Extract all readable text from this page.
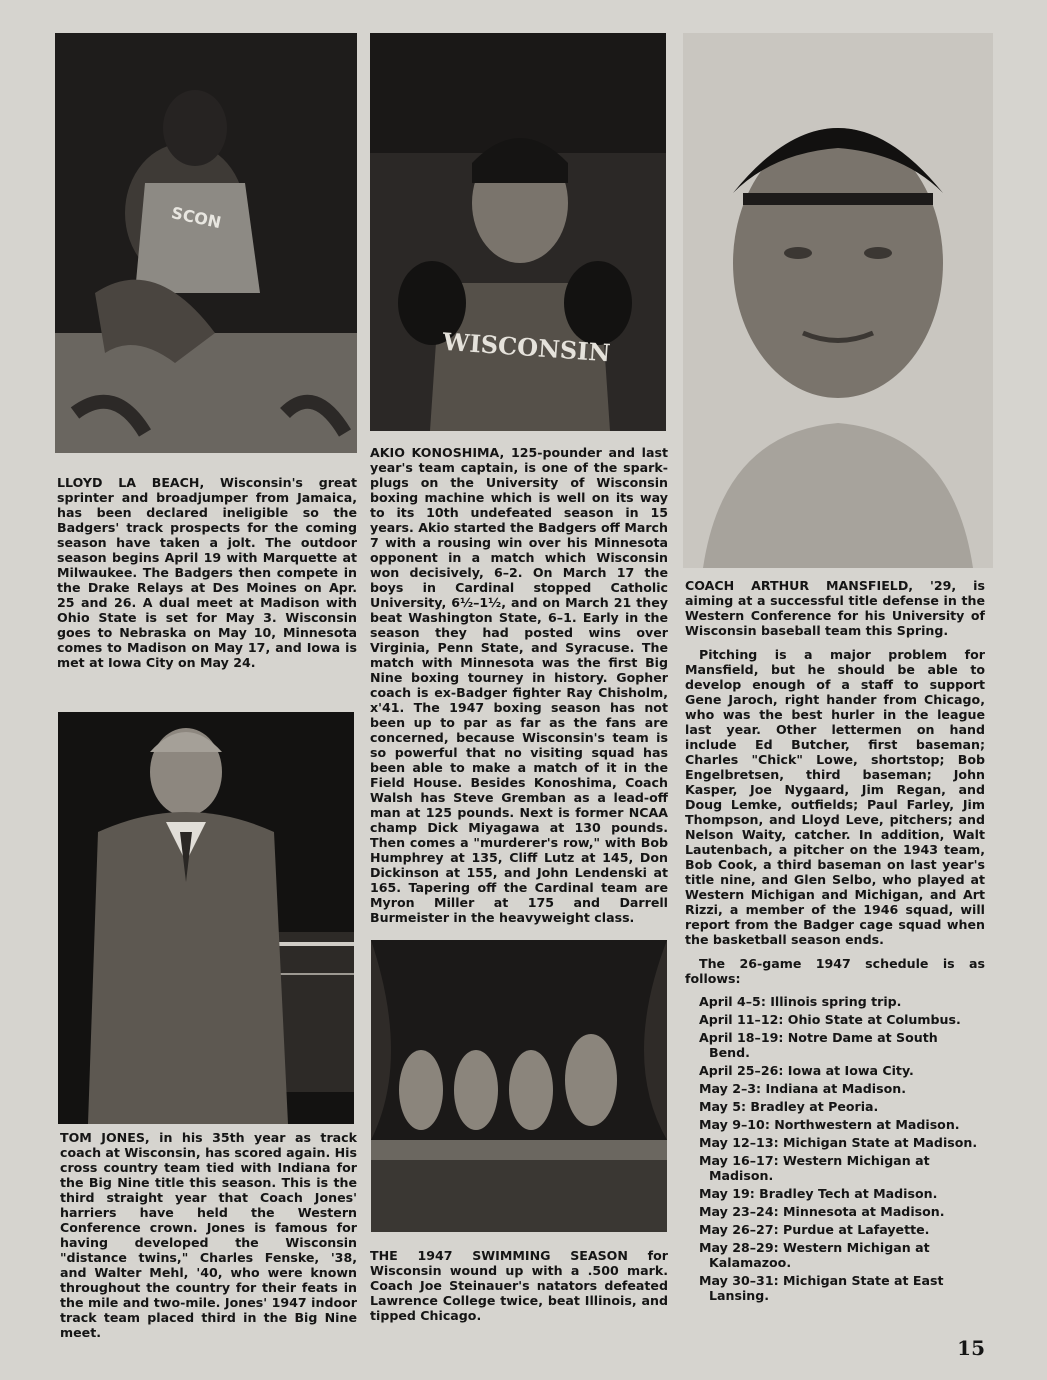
SCON
WISCONSIN

LLOYD LA BEACH, Wisconsin's great sprinter and broadjumper from Jamaica, has been declared ineligible so the Badgers' track prospects for the coming season have taken a jolt. The outdoor season begins April 19 with Marquette at Milwaukee. The Badgers then compete in the Drake Relays at Des Moines on Apr. 25 and 26. A dual meet at Madison with Ohio State is set for May 3. Wisconsin goes to Nebraska on May 10, Minnesota comes to Madison on May 17, and Iowa is met at Iowa City on May 24.

AKIO KONOSHIMA, 125-pounder and last year's team captain, is one of the spark-plugs on the University of Wisconsin boxing machine which is well on its way to its 10th undefeated season in 15 years. Akio started the Badgers off March 7 with a rousing win over his Minnesota opponent in a match which Wisconsin won decisively, 6–2. On March 17 the boys in Cardinal stopped Catholic University, 6½–1½, and on March 21 they beat Washington State, 6–1. Early in the season they had posted wins over Virginia, Penn State, and Syracuse. The match with Minnesota was the first Big Nine boxing tourney in history. Gopher coach is ex-Badger fighter Ray Chisholm, x'41. The 1947 boxing season has not been up to par as far as the fans are concerned, because Wisconsin's team is so powerful that no visiting squad has been able to make a match of it in the Field House. Besides Konoshima, Coach Walsh has Steve Gremban as a lead-off man at 125 pounds. Next is former NCAA champ Dick Miyagawa at 130 pounds. Then comes a "murderer's row," with Bob Humphrey at 135, Cliff Lutz at 145, Don Dickinson at 155, and John Lendenski at 165. Tapering off the Cardinal team are Myron Miller at 175 and Darrell Burmeister in the heavyweight class.

COACH ARTHUR MANSFIELD, '29, is aiming at a successful title defense in the Western Conference for his University of Wisconsin baseball team this Spring.

Pitching is a major problem for Mansfield, but he should be able to develop enough of a staff to support Gene Jaroch, right hander from Chicago, who was the best hurler in the league last year. Other lettermen on hand include Ed Butcher, first baseman; Charles "Chick" Lowe, shortstop; Bob Engelbretsen, third baseman; John Kasper, Joe Nygaard, Jim Regan, and Doug Lemke, outfields; Paul Farley, Jim Thompson, and Lloyd Leve, pitchers; and Nelson Waity, catcher. In addition, Walt Lautenbach, a pitcher on the 1943 team, Bob Cook, a third baseman on last year's title nine, and Glen Selbo, who played at Western Michigan and Michigan, and Art Rizzi, a member of the 1946 squad, will report from the Badger cage squad when the basketball season ends.

The 26-game 1947 schedule is as follows:

April 4–5: Illinois spring trip.
April 11–12: Ohio State at Columbus.
April 18–19: Notre Dame at South Bend.
April 25–26: Iowa at Iowa City.
May 2–3: Indiana at Madison.
May 5: Bradley at Peoria.
May 9–10: Northwestern at Madison.
May 12–13: Michigan State at Madison.
May 16–17: Western Michigan at Madison.
May 19: Bradley Tech at Madison.
May 23–24: Minnesota at Madison.
May 26–27: Purdue at Lafayette.
May 28–29: Western Michigan at Kalamazoo.
May 30–31: Michigan State at East Lansing.

TOM JONES, in his 35th year as track coach at Wisconsin, has scored again. His cross country team tied with Indiana for the Big Nine title this season. This is the third straight year that Coach Jones' harriers have held the Western Conference crown. Jones is famous for having developed the Wisconsin "distance twins," Charles Fenske, '38, and Walter Mehl, '40, who were known throughout the country for their feats in the mile and two-mile. Jones' 1947 indoor track team placed third in the Big Nine meet.

THE 1947 SWIMMING SEASON for Wisconsin wound up with a .500 mark. Coach Joe Steinauer's natators defeated Lawrence College twice, beat Illinois, and tipped Chicago.

15
